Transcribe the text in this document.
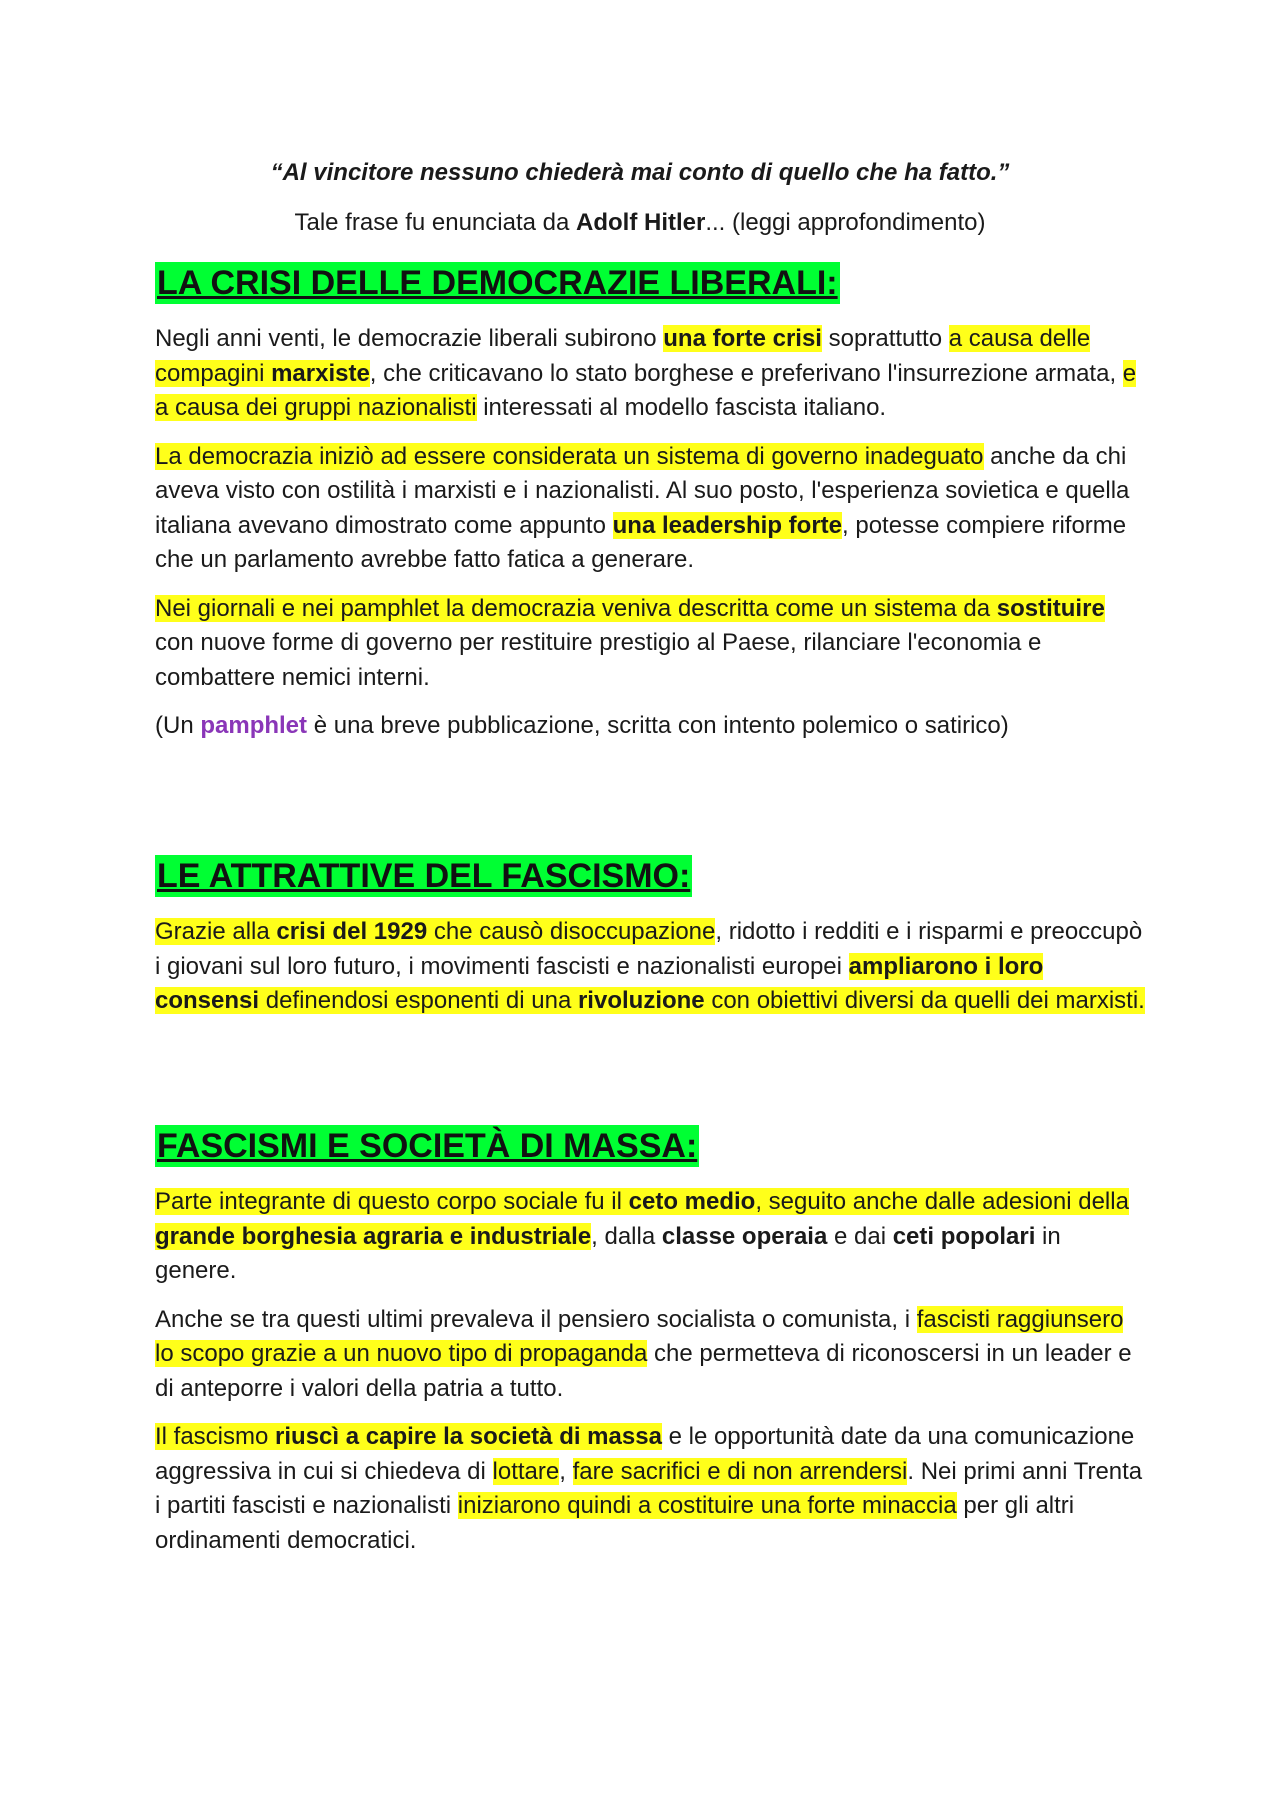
“Al vincitore nessuno chiederà mai conto di quello che ha fatto.”
Tale frase fu enunciata da Adolf Hitler... (leggi approfondimento)
LA CRISI DELLE DEMOCRAZIE LIBERALI:

Negli anni venti, le democrazie liberali subirono una forte crisi soprattutto a causa delle compagini marxiste, che criticavano lo stato borghese e preferivano l'insurrezione armata, e a causa dei gruppi nazionalisti interessati al modello fascista italiano.

La democrazia iniziò ad essere considerata un sistema di governo inadeguato anche da chi aveva visto con ostilità i marxisti e i nazionalisti. Al suo posto, l'esperienza sovietica e quella italiana avevano dimostrato come appunto una leadership forte, potesse compiere riforme che un parlamento avrebbe fatto fatica a generare.

Nei giornali e nei pamphlet la democrazia veniva descritta come un sistema da sostituire con nuove forme di governo per restituire prestigio al Paese, rilanciare l'economia e combattere nemici interni.

(Un pamphlet è una breve pubblicazione, scritta con intento polemico o satirico)

LE ATTRATTIVE DEL FASCISMO:

Grazie alla crisi del 1929 che causò disoccupazione, ridotto i redditi e i risparmi e preoccupò i giovani sul loro futuro, i movimenti fascisti e nazionalisti europei ampliarono i loro consensi definendosi esponenti di una rivoluzione con obiettivi diversi da quelli dei marxisti.

FASCISMI E SOCIETÀ DI MASSA:

Parte integrante di questo corpo sociale fu il ceto medio, seguito anche dalle adesioni della grande borghesia agraria e industriale, dalla classe operaia e dai ceti popolari in genere.

Anche se tra questi ultimi prevaleva il pensiero socialista o comunista, i fascisti raggiunsero lo scopo grazie a un nuovo tipo di propaganda che permetteva di riconoscersi in un leader e di anteporre i valori della patria a tutto.

Il fascismo riuscì a capire la società di massa e le opportunità date da una comunicazione aggressiva in cui si chiedeva di lottare, fare sacrifici e di non arrendersi. Nei primi anni Trenta i partiti fascisti e nazionalisti iniziarono quindi a costituire una forte minaccia per gli altri ordinamenti democratici.
